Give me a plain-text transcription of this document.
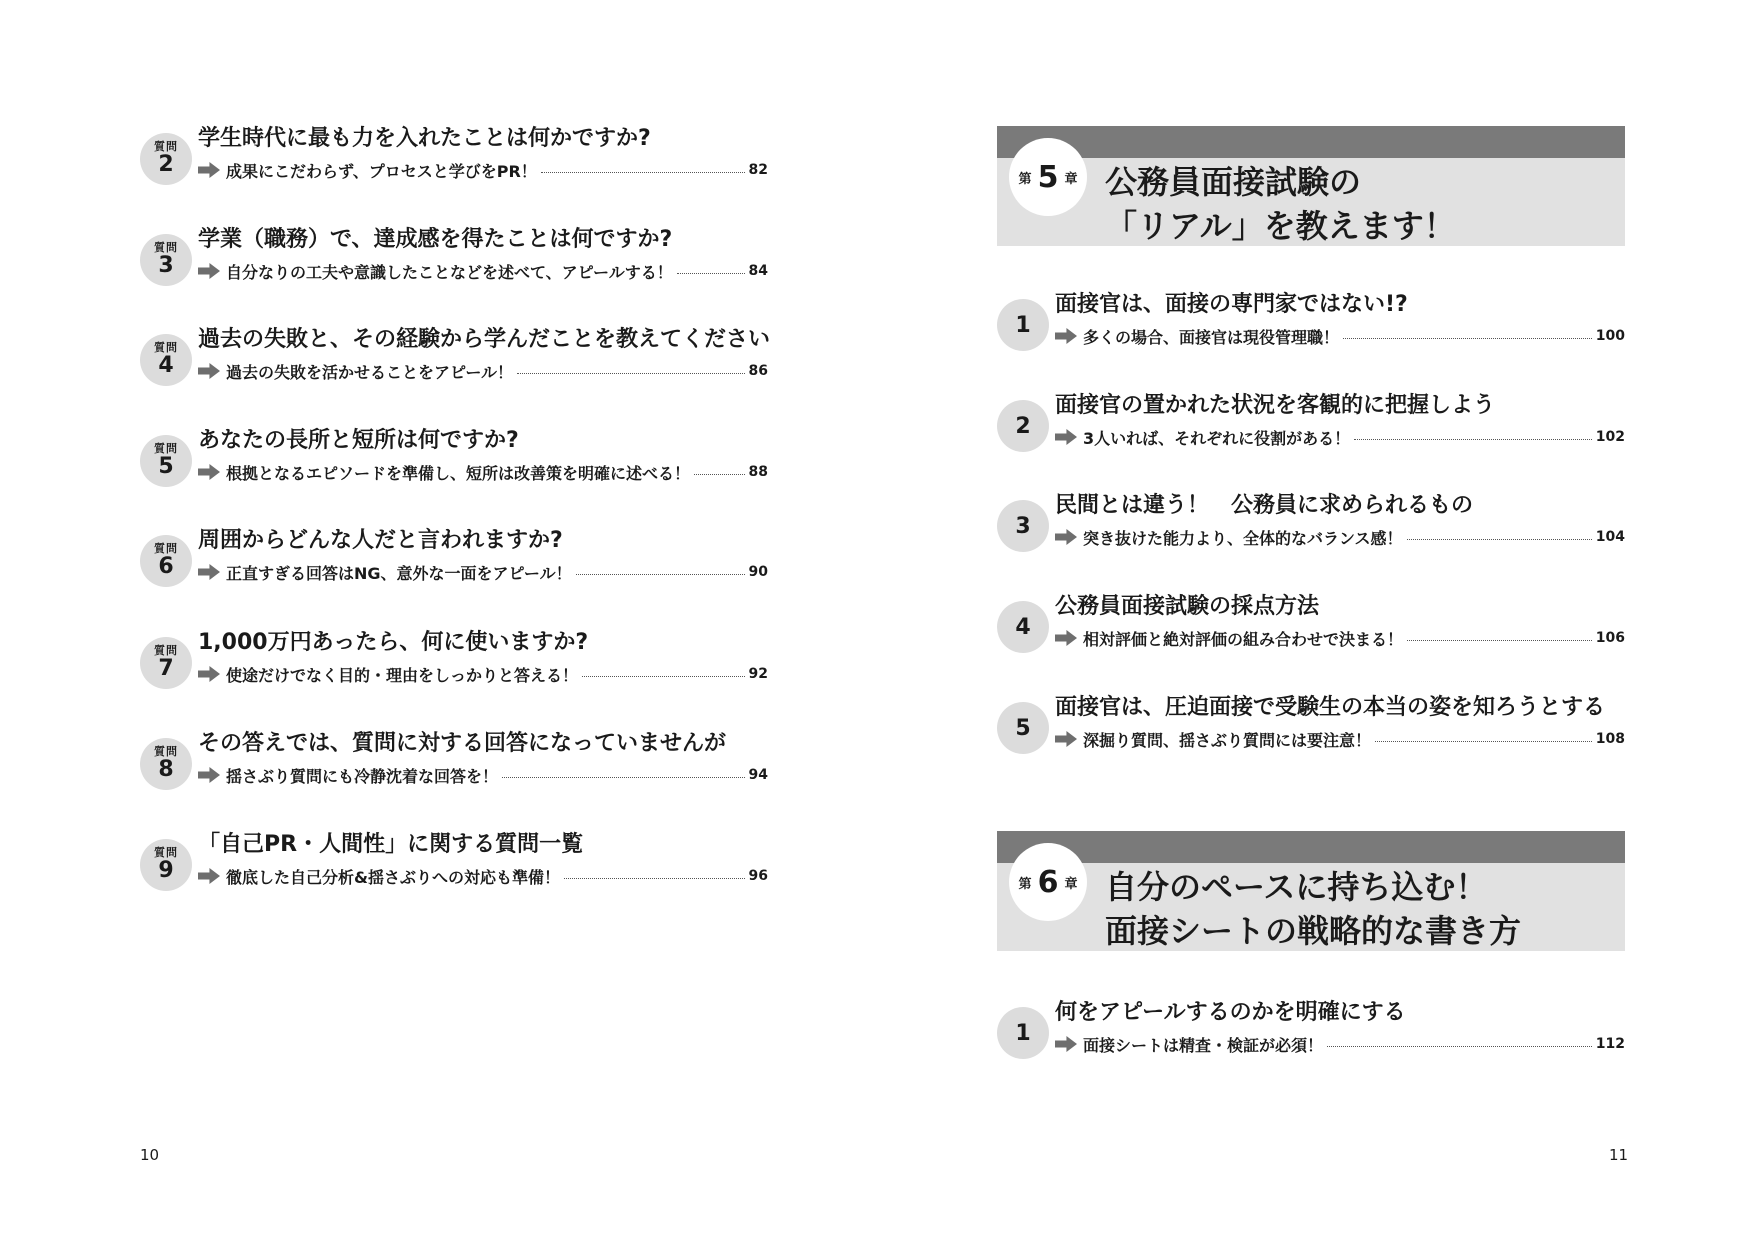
質問
2
学生時代に最も力を入れたことは何かですか?
成果にこだわらず、プロセスと学びをPR！	82
質問
3
学業（職務）で、達成感を得たことは何ですか?
自分なりの工夫や意識したことなどを述べて、アピールする！	84
質問
4
過去の失敗と、その経験から学んだことを教えてください
過去の失敗を活かせることをアピール！	86
質問
5
あなたの長所と短所は何ですか?
根拠となるエピソードを準備し、短所は改善策を明確に述べる！	88
質問
6
周囲からどんな人だと言われますか?
正直すぎる回答はNG、意外な一面をアピール！	90
質問
7
1,000万円あったら、何に使いますか?
使途だけでなく目的・理由をしっかりと答える！	92
質問
8
その答えでは、質問に対する回答になっていませんが
揺さぶり質問にも冷静沈着な回答を！	94
質問
9
「自己PR・人間性」に関する質問一覧
徹底した自己分析&揺さぶりへの対応も準備！	96
10
第 5 章 公務員面接試験の
「リアル」を教えます！
1
面接官は、面接の専門家ではない!?
多くの場合、面接官は現役管理職！	100
2
面接官の置かれた状況を客観的に把握しよう
3人いれば、それぞれに役割がある！	102
3
民間とは違う！　公務員に求められるもの
突き抜けた能力より、全体的なバランス感！	104
4
公務員面接試験の採点方法
相対評価と絶対評価の組み合わせで決まる！	106
5
面接官は、圧迫面接で受験生の本当の姿を知ろうとする
深掘り質問、揺さぶり質問には要注意！	108
第 6 章 自分のペースに持ち込む！
面接シートの戦略的な書き方
1
何をアピールするのかを明確にする
面接シートは精査・検証が必須！	112
11
